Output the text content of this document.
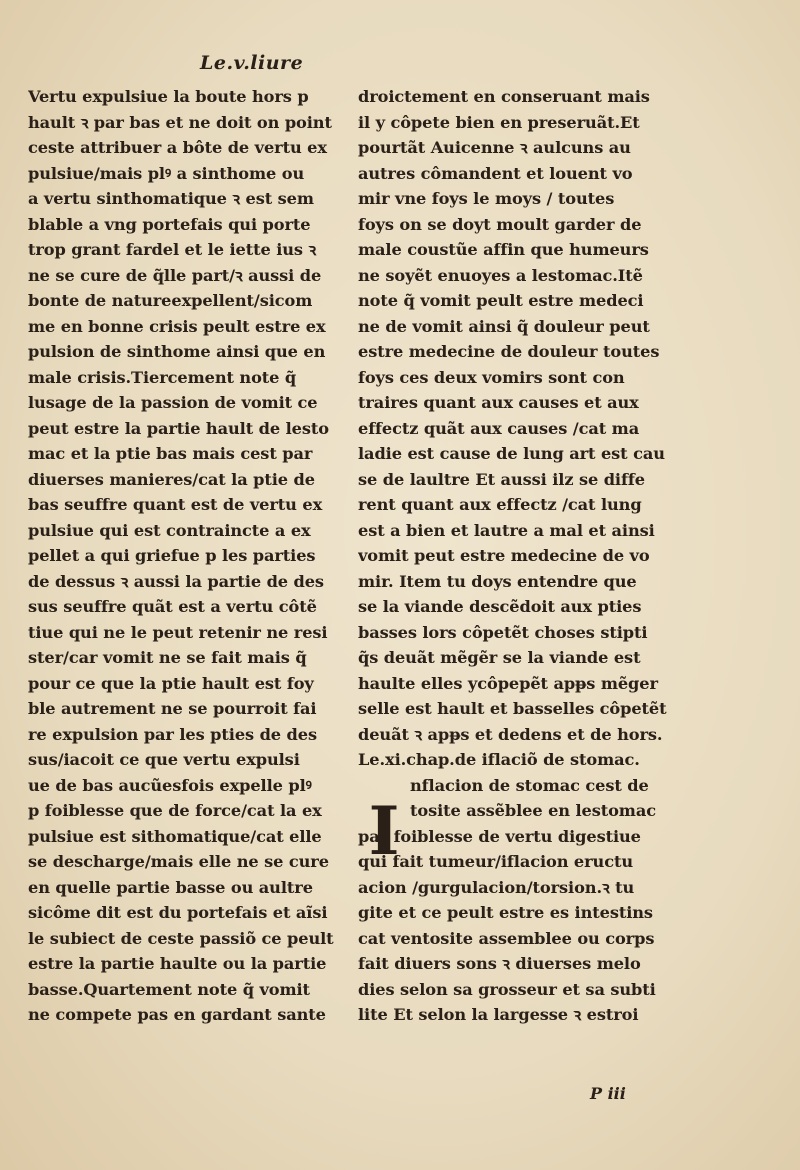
Le.v.liure
Vertu expulsiue la boute hors p
hault ꝛ par bas et ne doit on point
ceste attribuer a bôte de vertu ex
pulsiue/mais plꝰ a sinthome ou
a vertu sinthomatique ꝛ est sem
blable a vng portefais qui porte
trop grant fardel et le iette ius ꝛ
ne se cure de q̃lle part/ꝛ aussi de
bonte de natureexpellent/sicom
me en bonne crisis peult estre ex
pulsion de sinthome ainsi que en
male crisis.Tiercement note q̃
lusage de la passion de vomit ce
peut estre la partie hault de lesto
mac et la ptie bas mais cest par
diuerses manieres/cat la ptie de
bas seuffre quant est de vertu ex
pulsiue qui est contraincte a ex
pellet a qui griefue p les parties
de dessus ꝛ aussi la partie de des
sus seuffre quãt est a vertu côtẽ
tiue qui ne le peut retenir ne resi
ster/car vomit ne se fait mais q̃
pour ce que la ptie hault est foy
ble autrement ne se pourroit fai
re expulsion par les pties de des
sus/iacoit ce que vertu expulsi
ue de bas aucũesfois expelle plꝰ
p foiblesse que de force/cat la ex
pulsiue est sithomatique/cat elle
se descharge/mais elle ne se cure
en quelle partie basse ou aultre
sicôme dit est du portefais et aĩsi
le subiect de ceste passiõ ce peult
estre la partie haulte ou la partie
basse.Quartement note q̃ vomit
ne compete pas en gardant sante
droictement en conseruant mais
il y côpete bien en preseruãt.Et
pourtãt Auicenne ꝛ aulcuns au
autres cômandent et louent vo
mir vne foys le moys / toutes
foys on se doyt moult garder de
male coustũe affin que humeurs
ne soyẽt enuoyes a lestomac.Itẽ
note q̃ vomit peult estre medeci
ne de vomit ainsi q̃ douleur peut
estre medecine de douleur toutes
foys ces deux vomirs sont con
traires quant aux causes et aux
effectz quãt aux causes /cat ma
ladie est cause de lung art est cau
se de laultre Et aussi ilz se diffe
rent quant aux effectz /cat lung
est a bien et lautre a mal et ainsi
vomit peut estre medecine de vo
mir. Item tu doys entendre que
se la viande descẽdoit aux pties
basses lors côpetẽt choses stipti
q̃s deuãt mẽgẽr se la viande est
haulte elles ycôpepẽt apᵽs mẽger
selle est hault et basselles côpetẽt
deuãt ꝛ apᵽs et dedens et de hors.
Le.xi.chap.de iflaciõ de stomac.
nflacion de stomac cest de
tosite assẽblee en lestomac
par foiblesse de vertu digestiue
qui fait tumeur/iflacion eructu
acion /gurgulacion/torsion.ꝛ tu
gite et ce peult estre es intestins
cat ventosite assemblee ou corps
fait diuers sons ꝛ diuerses melo
dies selon sa grosseur et sa subti
lite Et selon la largesse ꝛ estroi
I
P iii
